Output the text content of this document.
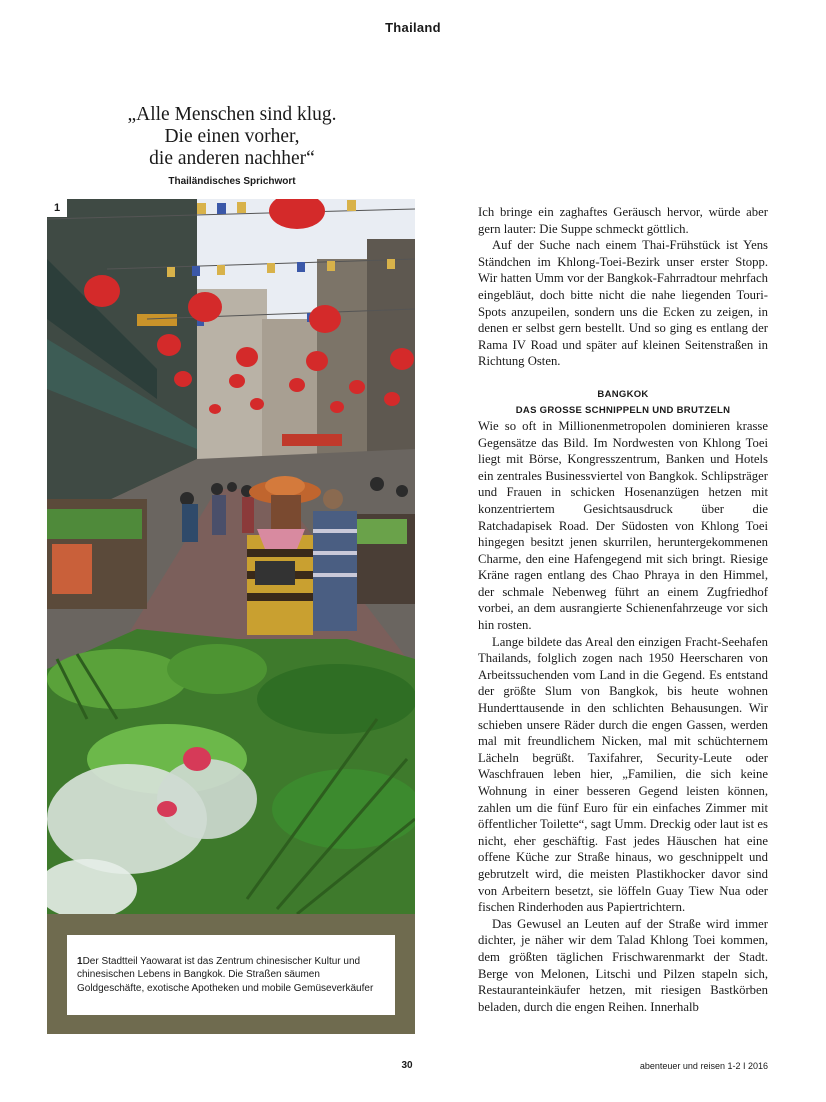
Thailand
„Alle Menschen sind klug.
Die einen vorher,
die anderen nachher“
Thailändisches Sprichwort
1
1Der Stadtteil Yaowarat ist das Zentrum chinesischer Kultur und chinesischen Lebens in Bangkok. Die Straßen säumen Goldgeschäfte, exotische Apotheken und mobile Gemüseverkäufer

Ich bringe ein zaghaftes Geräusch hervor, würde aber gern lauter: Die Suppe schmeckt göttlich.

Auf der Suche nach einem Thai-Frühstück ist Yens Ständchen im Khlong-Toei-Bezirk unser erster Stopp. Wir hatten Umm vor der Bangkok-Fahrradtour mehrfach eingebläut, doch bitte nicht die nahe liegenden Touri-Spots anzupeilen, sondern uns die Ecken zu zeigen, in denen er selbst gern bestellt. Und so ging es entlang der Rama IV Road und später auf kleinen Seitenstraßen in Richtung Osten.

BANGKOK
DAS GROSSE SCHNIPPELN UND BRUTZELN

Wie so oft in Millionenmetropolen dominieren krasse Gegensätze das Bild. Im Nordwesten von Khlong Toei liegt mit Börse, Kongresszentrum, Banken und Hotels ein zentrales Businessviertel von Bangkok. Schlipsträger und Frauen in schicken Hosenanzügen hetzen mit konzentriertem Gesichtsausdruck über die Ratchadapisek Road. Der Südosten von Khlong Toei hingegen besitzt jenen skurrilen, heruntergekommenen Charme, den eine Hafengegend mit sich bringt. Riesige Kräne ragen entlang des Chao Phraya in den Himmel, der schmale Nebenweg führt an einem Zugfriedhof vorbei, an dem ausrangierte Schienenfahrzeuge vor sich hin rosten.

Lange bildete das Areal den einzigen Fracht-Seehafen Thailands, folglich zogen nach 1950 Heerscharen von Arbeitssuchenden vom Land in die Gegend. Es entstand der größte Slum von Bangkok, bis heute wohnen Hunderttausende in den schlichten Behausungen. Wir schieben unsere Räder durch die engen Gassen, werden mal mit freundlichem Nicken, mal mit schüchternem Lächeln begrüßt. Taxifahrer, Security-Leute oder Waschfrauen leben hier, „Familien, die sich keine Wohnung in einer besseren Gegend leisten können, zahlen um die fünf Euro für ein einfaches Zimmer mit öffentlicher Toilette“, sagt Umm. Dreckig oder laut ist es nicht, eher geschäftig. Fast jedes Häuschen hat eine offene Küche zur Straße hinaus, wo geschnippelt und gebrutzelt wird, die meisten Plastikhocker davor sind von Arbeitern besetzt, sie löffeln Guay Tiew Nua oder fischen Rinderhoden aus Papiertrichtern.

Das Gewusel an Leuten auf der Straße wird immer dichter, je näher wir dem Talad Khlong Toei kommen, dem größten täglichen Frischwarenmarkt der Stadt. Berge von Melonen, Litschi und Pilzen stapeln sich, Restauranteinkäufer hetzen, mit riesigen Bastkörben beladen, durch die engen Reihen. Innerhalb

30	abenteuer und reisen 1-2 I 2016
